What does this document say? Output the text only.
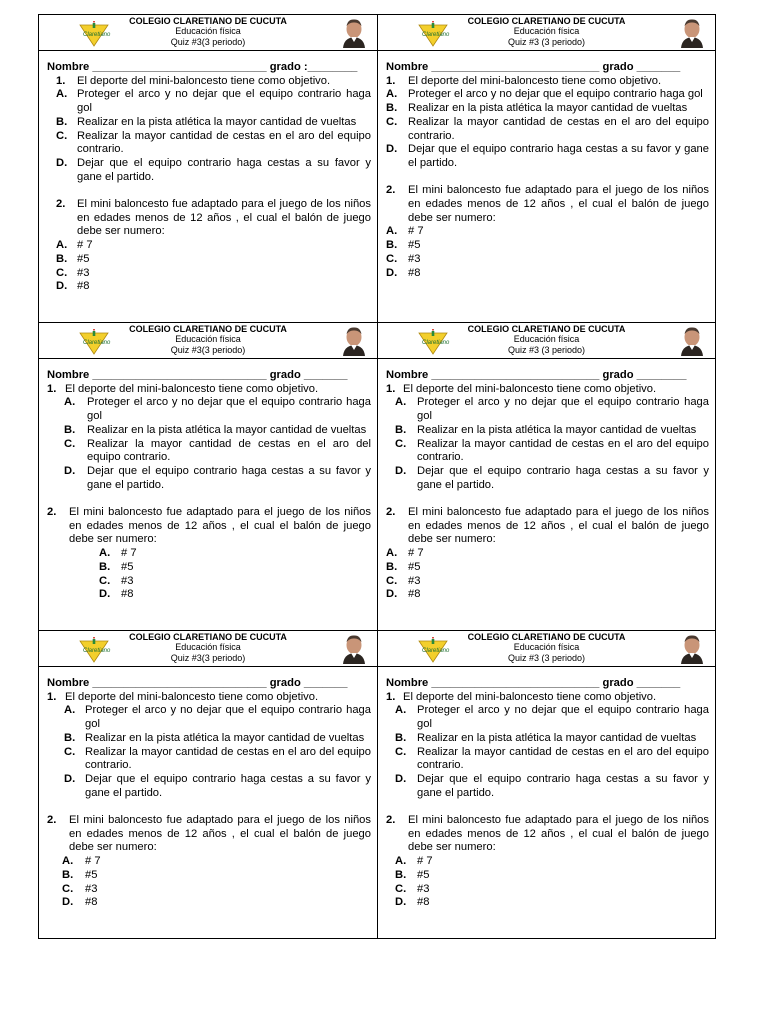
Claretiano
COLEGIO CLARETIANO DE CUCUTA
Educación física
Quiz #3(3 periodo)
Nombre ____________________________ grado :________
1. El deporte del mini-baloncesto tiene como objetivo.
A. Proteger el arco y no dejar que el equipo contrario haga gol
B. Realizar en la pista atlética la mayor cantidad de vueltas
C. Realizar la mayor cantidad de cestas en el aro del equipo contrario.
D. Dejar que el equipo contrario haga cestas a su favor y gane el partido.
2. El mini baloncesto fue adaptado para el juego de los niños en edades menos de 12 años , el cual el balón de juego debe ser numero:
A. # 7
B. #5
C. #3
D. #8
Claretiano
COLEGIO CLARETIANO DE CUCUTA
Educación física
Quiz #3 (3 periodo)
Nombre ___________________________ grado _______
1. El deporte del mini-baloncesto tiene como objetivo.
A. Proteger el arco y no dejar que el equipo contrario haga gol
B. Realizar en la pista atlética la mayor cantidad de vueltas
C. Realizar la mayor cantidad de cestas en el aro del equipo contrario.
D. Dejar que el equipo contrario haga cestas a su favor y gane el partido.
2. El mini baloncesto fue adaptado para el juego de los niños en edades menos de 12 años , el cual el balón de juego debe ser numero:
A. # 7
B. #5
C. #3
D. #8
Claretiano
COLEGIO CLARETIANO DE CUCUTA
Educación física
Quiz #3(3 periodo)
Nombre ____________________________ grado _______
1. El deporte del mini-baloncesto tiene como objetivo.
A. Proteger el arco y no dejar que el equipo contrario haga gol
B. Realizar en la pista atlética la mayor cantidad de vueltas
C. Realizar la mayor cantidad de cestas en el aro del equipo contrario.
D. Dejar que el equipo contrario haga cestas a su favor y gane el partido.
2. El mini baloncesto fue adaptado para el juego de los niños en edades menos de 12 años , el cual el balón de juego debe ser numero:
A. # 7
B. #5
C. #3
D. #8
Claretiano
COLEGIO CLARETIANO DE CUCUTA
Educación física
Quiz #3 (3 periodo)
Nombre ___________________________ grado ________
1. El deporte del mini-baloncesto tiene como objetivo.
A. Proteger el arco y no dejar que el equipo contrario haga gol
B. Realizar en la pista atlética la mayor cantidad de vueltas
C. Realizar la mayor cantidad de cestas en el aro del equipo contrario.
D. Dejar que el equipo contrario haga cestas a su favor y gane el partido.
2. El mini baloncesto fue adaptado para el juego de los niños en edades menos de 12 años , el cual el balón de juego debe ser numero:
A. # 7
B. #5
C. #3
D. #8
Claretiano
COLEGIO CLARETIANO DE CUCUTA
Educación física
Quiz #3(3 periodo)
Nombre ____________________________ grado _______
1. El deporte del mini-baloncesto tiene como objetivo.
A. Proteger el arco y no dejar que el equipo contrario haga gol
B. Realizar en la pista atlética la mayor cantidad de vueltas
C. Realizar la mayor cantidad de cestas en el aro del equipo contrario.
D. Dejar que el equipo contrario haga cestas a su favor y gane el partido.
2. El mini baloncesto fue adaptado para el juego de los niños en edades menos de 12 años , el cual el balón de juego debe ser numero:
A. # 7
B. #5
C. #3
D. #8
Claretiano
COLEGIO CLARETIANO DE CUCUTA
Educación física
Quiz #3 (3 periodo)
Nombre ___________________________ grado _______
1. El deporte del mini-baloncesto tiene como objetivo.
A. Proteger el arco y no dejar que el equipo contrario haga gol
B. Realizar en la pista atlética la mayor cantidad de vueltas
C. Realizar la mayor cantidad de cestas en el aro del equipo contrario.
D. Dejar que el equipo contrario haga cestas a su favor y gane el partido.
2. El mini baloncesto fue adaptado para el juego de los niños en edades menos de 12 años , el cual el balón de juego debe ser numero:
A. # 7
B. #5
C. #3
D. #8
